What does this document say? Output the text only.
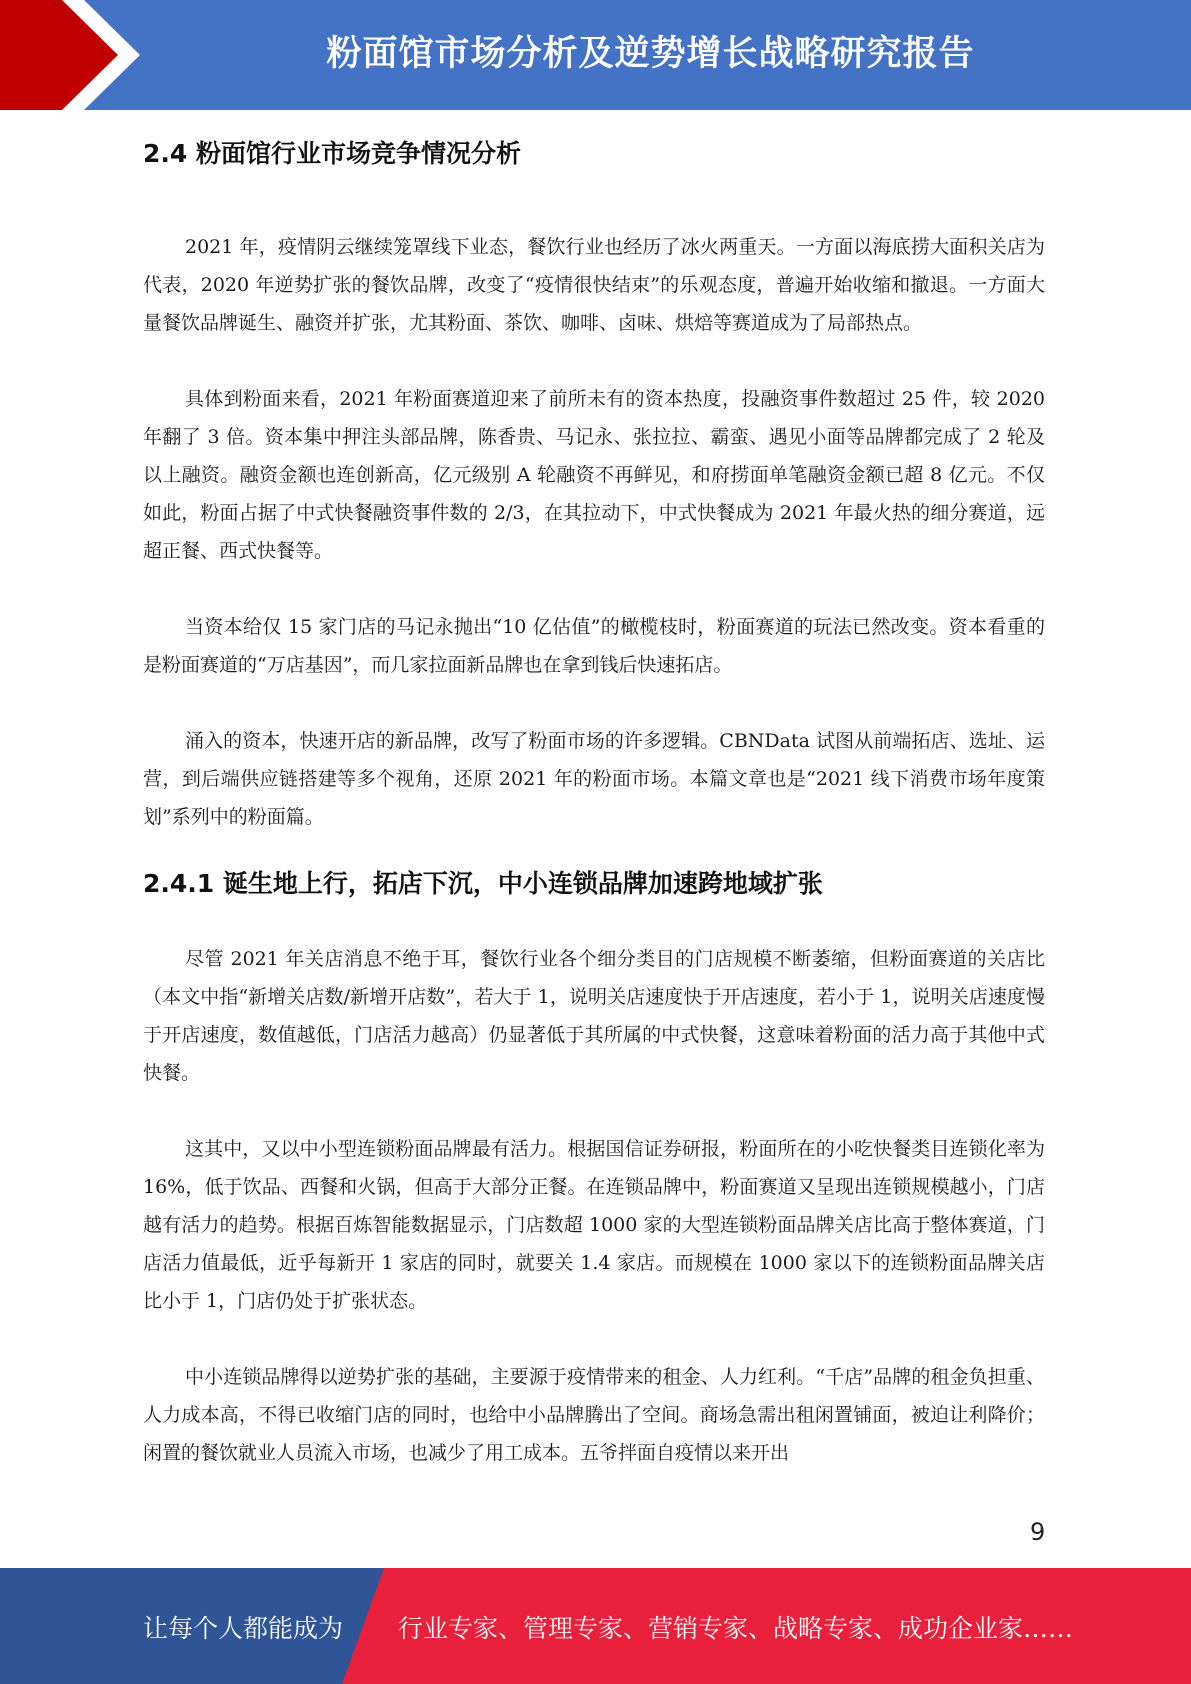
粉面馆市场分析及逆势增长战略研究报告
2.4 粉面馆行业市场竞争情况分析

2021 年，疫情阴云继续笼罩线下业态，餐饮行业也经历了冰火两重天。一方面以海底捞大面积关店为代表，2020 年逆势扩张的餐饮品牌，改变了“疫情很快结束”的乐观态度，普遍开始收缩和撤退。一方面大量餐饮品牌诞生、融资并扩张，尤其粉面、茶饮、咖啡、卤味、烘焙等赛道成为了局部热点。

具体到粉面来看，2021 年粉面赛道迎来了前所未有的资本热度，投融资事件数超过 25 件，较 2020 年翻了 3 倍。资本集中押注头部品牌，陈香贵、马记永、张拉拉、霸蛮、遇见小面等品牌都完成了 2 轮及以上融资。融资金额也连创新高，亿元级别 A 轮融资不再鲜见，和府捞面单笔融资金额已超 8 亿元。不仅如此，粉面占据了中式快餐融资事件数的 2/3，在其拉动下，中式快餐成为 2021 年最火热的细分赛道，远超正餐、西式快餐等。

当资本给仅 15 家门店的马记永抛出“10 亿估值”的橄榄枝时，粉面赛道的玩法已然改变。资本看重的是粉面赛道的“万店基因”，而几家拉面新品牌也在拿到钱后快速拓店。

涌入的资本，快速开店的新品牌，改写了粉面市场的许多逻辑。CBNData 试图从前端拓店、选址、运营，到后端供应链搭建等多个视角，还原 2021 年的粉面市场。本篇文章也是“2021 线下消费市场年度策划”系列中的粉面篇。

2.4.1 诞生地上行，拓店下沉，中小连锁品牌加速跨地域扩张

尽管 2021 年关店消息不绝于耳，餐饮行业各个细分类目的门店规模不断萎缩，但粉面赛道的关店比（本文中指“新增关店数/新增开店数”，若大于 1，说明关店速度快于开店速度，若小于 1，说明关店速度慢于开店速度，数值越低，门店活力越高）仍显著低于其所属的中式快餐，这意味着粉面的活力高于其他中式快餐。

这其中，又以中小型连锁粉面品牌最有活力。根据国信证券研报，粉面所在的小吃快餐类目连锁化率为 16%，低于饮品、西餐和火锅，但高于大部分正餐。在连锁品牌中，粉面赛道又呈现出连锁规模越小，门店越有活力的趋势。根据百炼智能数据显示，门店数超 1000 家的大型连锁粉面品牌关店比高于整体赛道，门店活力值最低，近乎每新开 1 家店的同时，就要关 1.4 家店。而规模在 1000 家以下的连锁粉面品牌关店比小于 1，门店仍处于扩张状态。

中小连锁品牌得以逆势扩张的基础，主要源于疫情带来的租金、人力红利。“千店”品牌的租金负担重、人力成本高，不得已收缩门店的同时，也给中小品牌腾出了空间。商场急需出租闲置铺面，被迫让利降价；闲置的餐饮就业人员流入市场，也减少了用工成本。五爷拌面自疫情以来开出

9
让每个人都能成为 行业专家、管理专家、营销专家、战略专家、成功企业家……
